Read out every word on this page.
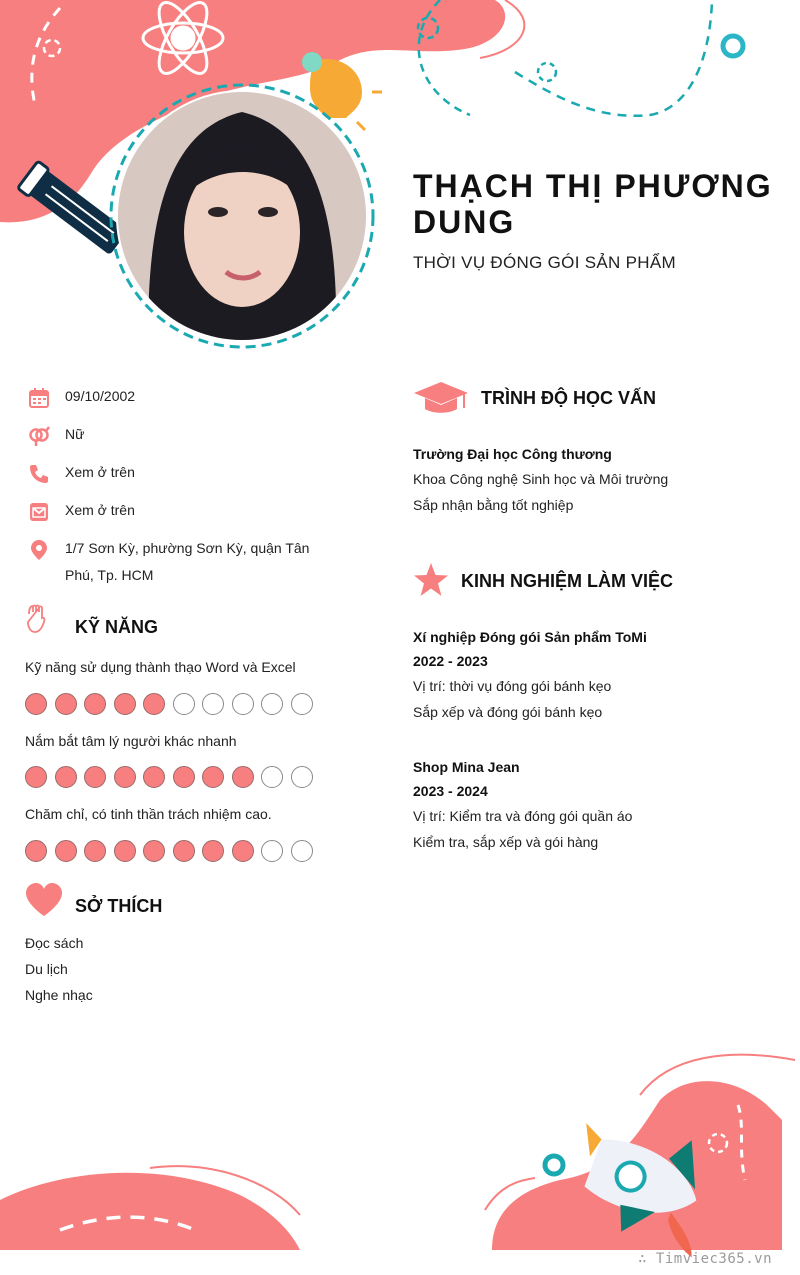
THẠCH THỊ PHƯƠNG DUNG
THỜI VỤ ĐÓNG GÓI SẢN PHẨM
09/10/2002
Nữ
Xem ở trên
Xem ở trên
1/7 Sơn Kỳ, phường Sơn Kỳ, quận Tân Phú, Tp. HCM
KỸ NĂNG
Kỹ năng sử dụng thành thạo Word và Excel
Nắm bắt tâm lý người khác nhanh
Chăm chỉ, có tinh thần trách nhiệm cao.
SỞ THÍCH
Đọc sách
Du lịch
Nghe nhạc
TRÌNH ĐỘ HỌC VẤN
Trường Đại học Công thương
Khoa Công nghệ Sinh học và Môi trường
Sắp nhận bằng tốt nghiệp
KINH NGHIỆM LÀM VIỆC
Xí nghiệp Đóng gói Sản phẩm ToMi
2022 - 2023
Vị trí: thời vụ đóng gói bánh kẹo
Sắp xếp và đóng gói bánh kẹo
Shop Mina Jean
2023 - 2024
Vị trí: Kiểm tra và đóng gói quần áo
Kiểm tra, sắp xếp và gói hàng
∴ Timviec365.vn
